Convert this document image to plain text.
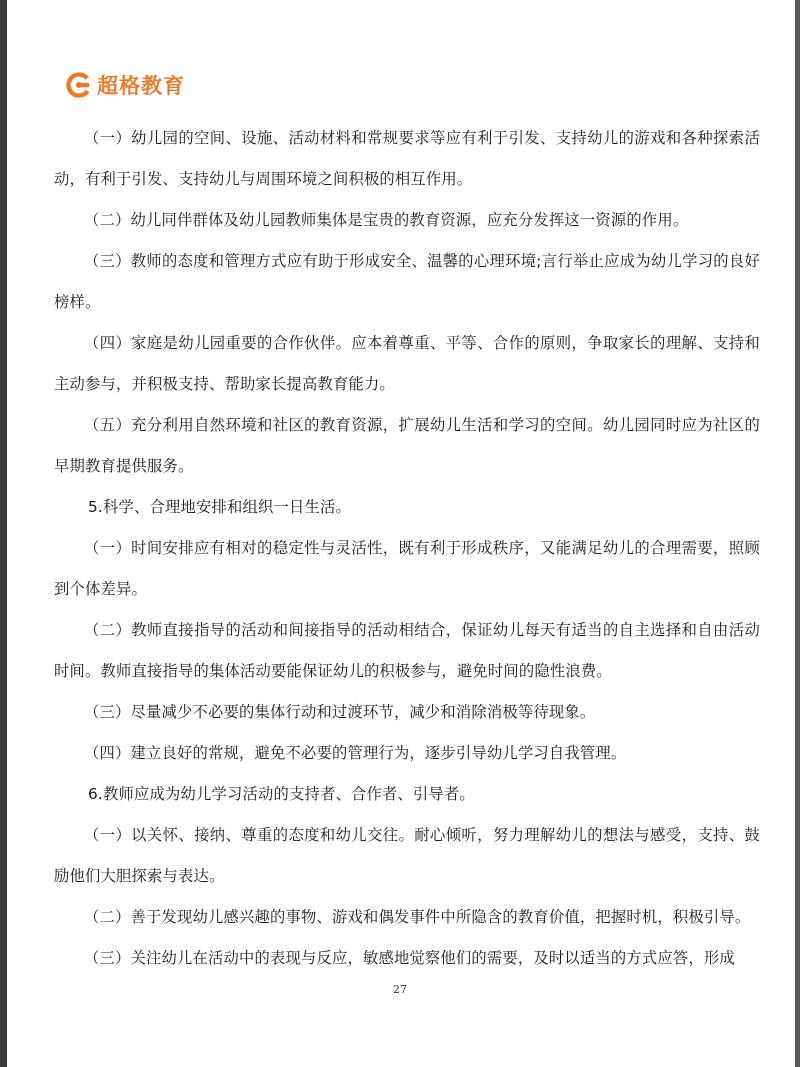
超格教育

（一）幼儿园的空间、设施、活动材料和常规要求等应有利于引发、支持幼儿的游戏和各种探索活动，有利于引发、支持幼儿与周围环境之间积极的相互作用。

（二）幼儿同伴群体及幼儿园教师集体是宝贵的教育资源，应充分发挥这一资源的作用。

（三）教师的态度和管理方式应有助于形成安全、温馨的心理环境;言行举止应成为幼儿学习的良好榜样。

（四）家庭是幼儿园重要的合作伙伴。应本着尊重、平等、合作的原则，争取家长的理解、支持和主动参与，并积极支持、帮助家长提高教育能力。

（五）充分利用自然环境和社区的教育资源，扩展幼儿生活和学习的空间。幼儿园同时应为社区的早期教育提供服务。

5.科学、合理地安排和组织一日生活。

（一）时间安排应有相对的稳定性与灵活性，既有利于形成秩序，又能满足幼儿的合理需要，照顾到个体差异。

（二）教师直接指导的活动和间接指导的活动相结合，保证幼儿每天有适当的自主选择和自由活动时间。教师直接指导的集体活动要能保证幼儿的积极参与，避免时间的隐性浪费。

（三）尽量减少不必要的集体行动和过渡环节，减少和消除消极等待现象。

（四）建立良好的常规，避免不必要的管理行为，逐步引导幼儿学习自我管理。

6.教师应成为幼儿学习活动的支持者、合作者、引导者。

（一）以关怀、接纳、尊重的态度和幼儿交往。耐心倾听，努力理解幼儿的想法与感受，支持、鼓励他们大胆探索与表达。

（二）善于发现幼儿感兴趣的事物、游戏和偶发事件中所隐含的教育价值，把握时机，积极引导。

（三）关注幼儿在活动中的表现与反应，敏感地觉察他们的需要，及时以适当的方式应答，形成

27
